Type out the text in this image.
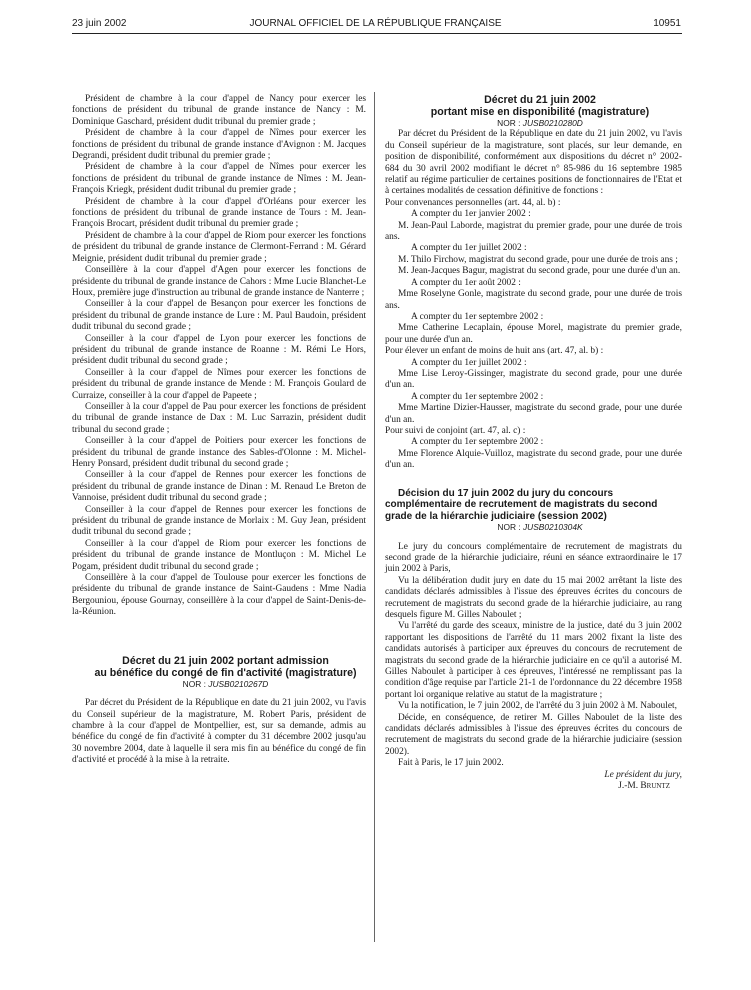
23 juin 2002	JOURNAL OFFICIEL DE LA RÉPUBLIQUE FRANÇAISE	10951

Président de chambre à la cour d'appel de Nancy pour exercer les fonctions de président du tribunal de grande instance de Nancy : M. Dominique Gaschard, président dudit tribunal du premier grade ;

Président de chambre à la cour d'appel de Nîmes pour exercer les fonctions de président du tribunal de grande instance d'Avignon : M. Jacques Degrandi, président dudit tribunal du premier grade ;

Président de chambre à la cour d'appel de Nîmes pour exercer les fonctions de président du tribunal de grande instance de Nîmes : M. Jean-François Kriegk, président dudit tribunal du premier grade ;

Président de chambre à la cour d'appel d'Orléans pour exercer les fonctions de président du tribunal de grande instance de Tours : M. Jean-François Brocart, président dudit tribunal du premier grade ;

Président de chambre à la cour d'appel de Riom pour exercer les fonctions de président du tribunal de grande instance de Clermont-Ferrand : M. Gérard Meignie, président dudit tribunal du premier grade ;

Conseillère à la cour d'appel d'Agen pour exercer les fonctions de présidente du tribunal de grande instance de Cahors : Mme Lucie Blanchet-Le Houx, première juge d'instruction au tribunal de grande instance de Nanterre ;

Conseiller à la cour d'appel de Besançon pour exercer les fonctions de président du tribunal de grande instance de Lure : M. Paul Baudoin, président dudit tribunal du second grade ;

Conseiller à la cour d'appel de Lyon pour exercer les fonctions de président du tribunal de grande instance de Roanne : M. Rémi Le Hors, président dudit tribunal du second grade ;

Conseiller à la cour d'appel de Nîmes pour exercer les fonctions de président du tribunal de grande instance de Mende : M. François Goulard de Curraize, conseiller à la cour d'appel de Papeete ;

Conseiller à la cour d'appel de Pau pour exercer les fonctions de président du tribunal de grande instance de Dax : M. Luc Sarrazin, président dudit tribunal du second grade ;

Conseiller à la cour d'appel de Poitiers pour exercer les fonctions de président du tribunal de grande instance des Sables-d'Olonne : M. Michel-Henry Ponsard, président dudit tribunal du second grade ;

Conseiller à la cour d'appel de Rennes pour exercer les fonctions de président du tribunal de grande instance de Dinan : M. Renaud Le Breton de Vannoise, président dudit tribunal du second grade ;

Conseiller à la cour d'appel de Rennes pour exercer les fonctions de président du tribunal de grande instance de Morlaix : M. Guy Jean, président dudit tribunal du second grade ;

Conseiller à la cour d'appel de Riom pour exercer les fonctions de président du tribunal de grande instance de Montluçon : M. Michel Le Pogam, président dudit tribunal du second grade ;

Conseillère à la cour d'appel de Toulouse pour exercer les fonctions de présidente du tribunal de grande instance de Saint-Gaudens : Mme Nadia Bergouniou, épouse Gournay, conseillère à la cour d'appel de Saint-Denis-de-la-Réunion.

Décret du 21 juin 2002 portant admission

au bénéfice du congé de fin d'activité (magistrature)

NOR : JUSB0210267D

Par décret du Président de la République en date du 21 juin 2002, vu l'avis du Conseil supérieur de la magistrature, M. Robert Paris, président de chambre à la cour d'appel de Montpellier, est, sur sa demande, admis au bénéfice du congé de fin d'activité à compter du 31 décembre 2002 jusqu'au 30 novembre 2004, date à laquelle il sera mis fin au bénéfice du congé de fin d'activité et procédé à la mise à la retraite.

Décret du 21 juin 2002

portant mise en disponibilité (magistrature)

NOR : JUSB0210280D

Par décret du Président de la République en date du 21 juin 2002, vu l'avis du Conseil supérieur de la magistrature, sont placés, sur leur demande, en position de disponibilité, conformément aux dispositions du décret n° 2002-684 du 30 avril 2002 modifiant le décret n° 85-986 du 16 septembre 1985 relatif au régime particulier de certaines positions de fonctionnaires de l'Etat et à certaines modalités de cessation définitive de fonctions :

Pour convenances personnelles (art. 44, al. b) :

A compter du 1er janvier 2002 :

M. Jean-Paul Laborde, magistrat du premier grade, pour une durée de trois ans.

A compter du 1er juillet 2002 :

M. Thilo Firchow, magistrat du second grade, pour une durée de trois ans ;

M. Jean-Jacques Bagur, magistrat du second grade, pour une durée d'un an.

A compter du 1er août 2002 :

Mme Roselyne Gonle, magistrate du second grade, pour une durée de trois ans.

A compter du 1er septembre 2002 :

Mme Catherine Lecaplain, épouse Morel, magistrate du premier grade, pour une durée d'un an.

Pour élever un enfant de moins de huit ans (art. 47, al. b) :

A compter du 1er juillet 2002 :

Mme Lise Leroy-Gissinger, magistrate du second grade, pour une durée d'un an.

A compter du 1er septembre 2002 :

Mme Martine Dizier-Hausser, magistrate du second grade, pour une durée d'un an.

Pour suivi de conjoint (art. 47, al. c) :

A compter du 1er septembre 2002 :

Mme Florence Alquie-Vuilloz, magistrate du second grade, pour une durée d'un an.

Décision du 17 juin 2002 du jury du concours complémentaire de recrutement de magistrats du second grade de la hiérarchie judiciaire (session 2002)

NOR : JUSB0210304K

Le jury du concours complémentaire de recrutement de magistrats du second grade de la hiérarchie judiciaire, réuni en séance extraordinaire le 17 juin 2002 à Paris,

Vu la délibération dudit jury en date du 15 mai 2002 arrêtant la liste des candidats déclarés admissibles à l'issue des épreuves écrites du concours de recrutement de magistrats du second grade de la hiérarchie judiciaire, au rang desquels figure M. Gilles Naboulet ;

Vu l'arrêté du garde des sceaux, ministre de la justice, daté du 3 juin 2002 rapportant les dispositions de l'arrêté du 11 mars 2002 fixant la liste des candidats autorisés à participer aux épreuves du concours de recrutement de magistrats du second grade de la hiérarchie judiciaire en ce qu'il a autorisé M. Gilles Naboulet à participer à ces épreuves, l'intéressé ne remplissant pas la condition d'âge requise par l'article 21-1 de l'ordonnance du 22 décembre 1958 portant loi organique relative au statut de la magistrature ;

Vu la notification, le 7 juin 2002, de l'arrêté du 3 juin 2002 à M. Naboulet,

Décide, en conséquence, de retirer M. Gilles Naboulet de la liste des candidats déclarés admissibles à l'issue des épreuves écrites du concours de recrutement de magistrats du second grade de la hiérarchie judiciaire (session 2002).

Fait à Paris, le 17 juin 2002.

Le président du jury,

J.-M. Bruntz
